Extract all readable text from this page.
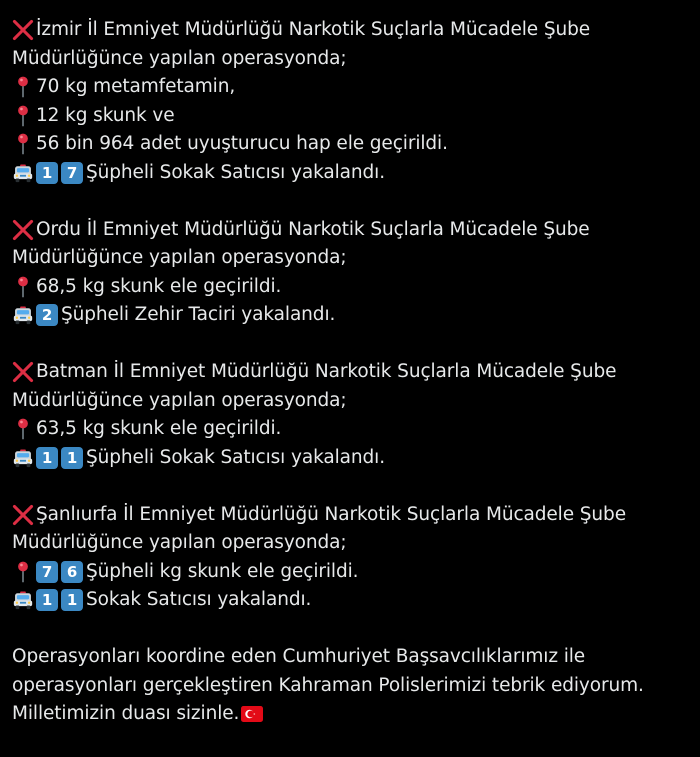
İzmir İl Emniyet Müdürlüğü Narkotik Suçlarla Mücadele Şube
Müdürlüğünce yapılan operasyonda;
70 kg metamfetamin,
12 kg skunk ve
56 bin 964 adet uyuşturucu hap ele geçirildi.
1 7 Şüpheli Sokak Satıcısı yakalandı.
Ordu İl Emniyet Müdürlüğü Narkotik Suçlarla Mücadele Şube
Müdürlüğünce yapılan operasyonda;
68,5 kg skunk ele geçirildi.
2 Şüpheli Zehir Taciri yakalandı.
Batman İl Emniyet Müdürlüğü Narkotik Suçlarla Mücadele Şube
Müdürlüğünce yapılan operasyonda;
63,5 kg skunk ele geçirildi.
1 1 Şüpheli Sokak Satıcısı yakalandı.
Şanlıurfa İl Emniyet Müdürlüğü Narkotik Suçlarla Mücadele Şube
Müdürlüğünce yapılan operasyonda;
7 6 Şüpheli kg skunk ele geçirildi.
1 1 Sokak Satıcısı yakalandı.
Operasyonları koordine eden Cumhuriyet Başsavcılıklarımız ile
operasyonları gerçekleştiren Kahraman Polislerimizi tebrik ediyorum.
Milletimizin duası sizinle.
